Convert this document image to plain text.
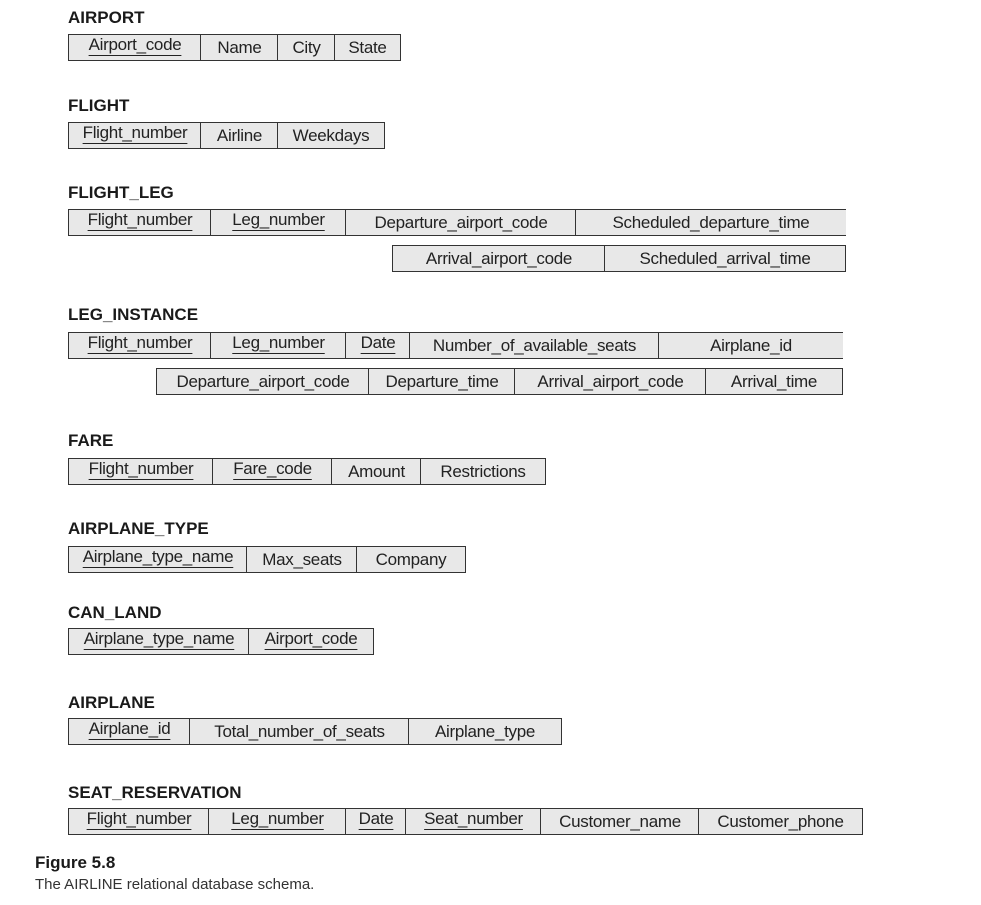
AIRPORT
Airport_code Name City State
FLIGHT
Flight_number Airline Weekdays
FLIGHT_LEG
Flight_number Leg_number	Departure_airport_code	Scheduled_departure_time
Arrival_airport_code	Scheduled_arrival_time
LEG_INSTANCE
Flight_number Leg_number Date Number_of_available_seats	Airplane_id
Departure_airport_code Departure_time Arrival_airport_code	Arrival_time
FARE
Flight_number Fare_code Amount Restrictions
AIRPLANE_TYPE
Airplane_type_name Max_seats Company
CAN_LAND
Airplane_type_name Airport_code
AIRPLANE
Airplane_id	Total_number_of_seats	Airplane_type
SEAT_RESERVATION
Flight_number Leg_number Date Seat_number Customer_name Customer_phone
Figure 5.8
The AIRLINE relational database schema.
